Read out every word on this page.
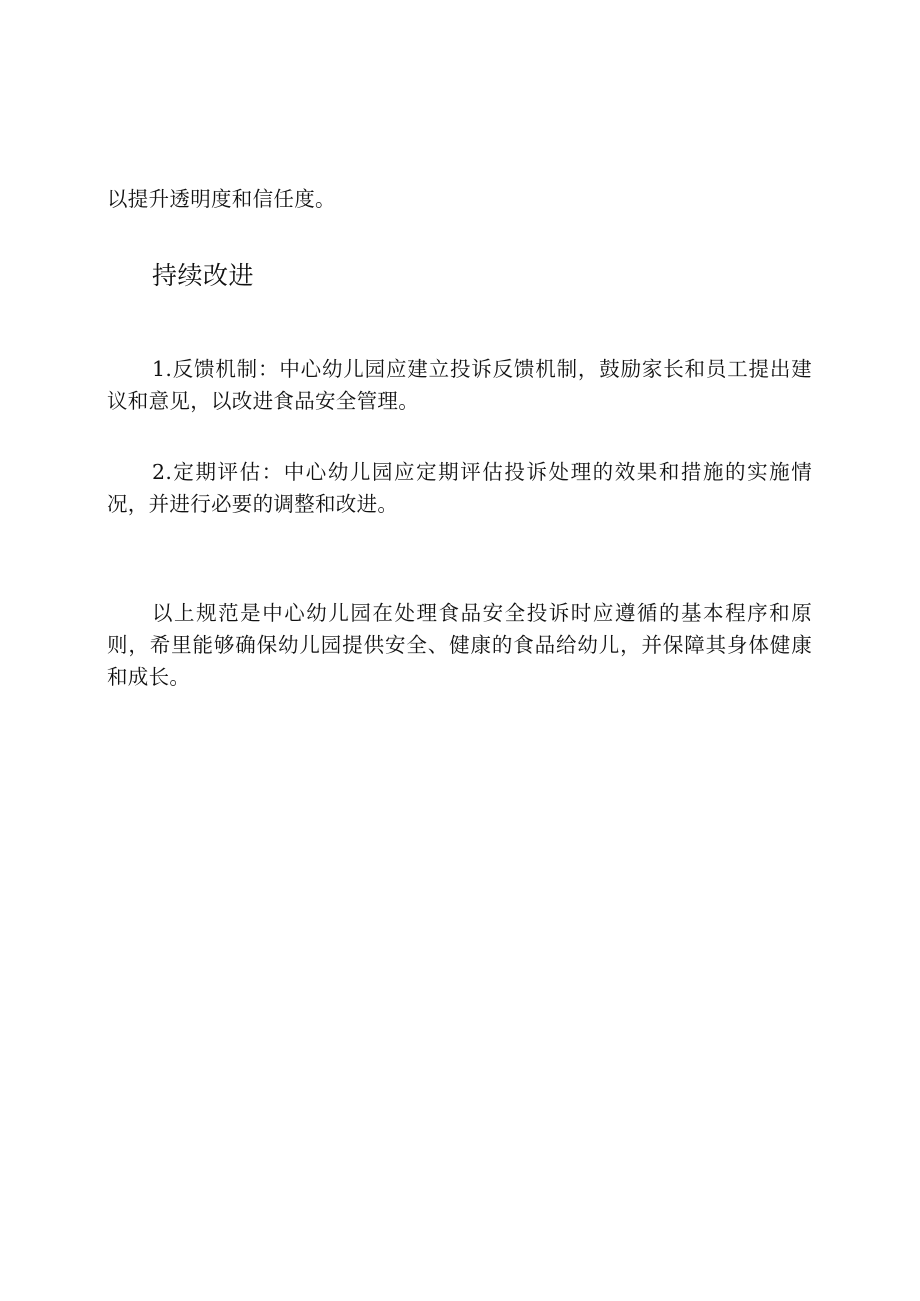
以提升透明度和信任度。

持续改进

1.反馈机制：中心幼儿园应建立投诉反馈机制，鼓励家长和员工提出建议和意见，以改进食品安全管理。

2.定期评估：中心幼儿园应定期评估投诉处理的效果和措施的实施情况，并进行必要的调整和改进。

以上规范是中心幼儿园在处理食品安全投诉时应遵循的基本程序和原则，希里能够确保幼儿园提供安全、健康的食品给幼儿，并保障其身体健康和成长。
